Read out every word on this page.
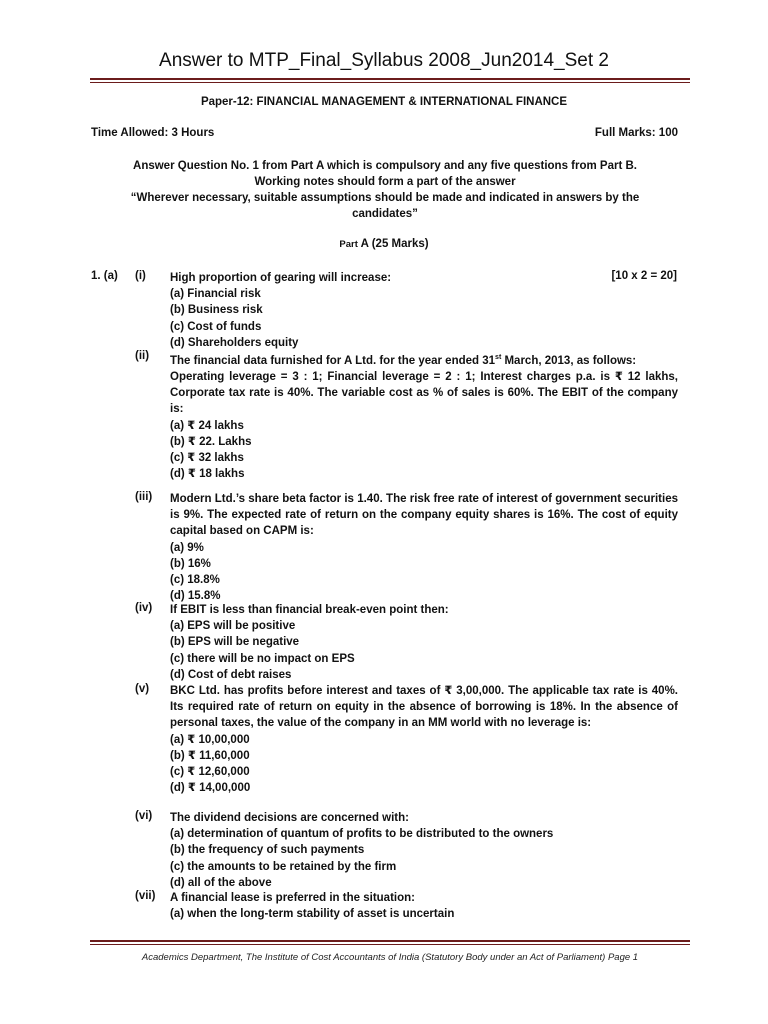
Answer to MTP_Final_Syllabus 2008_Jun2014_Set 2
Paper-12: FINANCIAL MANAGEMENT & INTERNATIONAL FINANCE
Time Allowed: 3 Hours	Full Marks: 100
Answer Question No. 1 from Part A which is compulsory and any five questions from Part B.
Working notes should form a part of the answer
“Wherever necessary, suitable assumptions should be made and indicated in answers by the candidates”
Part A (25 Marks)
1. (a)	[10 x 2 = 20]
(i) High proportion of gearing will increase:

(a) Financial risk
(b) Business risk
(c) Cost of funds
(d) Shareholders equity
(ii) The financial data furnished for A Ltd. for the year ended 31st March, 2013, as follows:

Operating leverage = 3 : 1; Financial leverage = 2 : 1; Interest charges p.a. is ₹ 12 lakhs, Corporate tax rate is 40%. The variable cost as % of sales is 60%. The EBIT of the company is:

(a) ₹ 24 lakhs
(b) ₹ 22. Lakhs
(c) ₹ 32 lakhs
(d) ₹ 18 lakhs
(iii) Modern Ltd.’s share beta factor is 1.40. The risk free rate of interest of government securities is 9%. The expected rate of return on the company equity shares is 16%. The cost of equity capital based on CAPM is:

(a) 9%
(b) 16%
(c) 18.8%
(d) 15.8%
(iv) If EBIT is less than financial break-even point then:

(a) EPS will be positive
(b) EPS will be negative
(c) there will be no impact on EPS
(d) Cost of debt raises
(v) BKC Ltd. has profits before interest and taxes of ₹ 3,00,000. The applicable tax rate is 40%. Its required rate of return on equity in the absence of borrowing is 18%. In the absence of personal taxes, the value of the company in an MM world with no leverage is:

(a) ₹ 10,00,000
(b) ₹ 11,60,000
(c) ₹ 12,60,000
(d) ₹ 14,00,000
(vi) The dividend decisions are concerned with:

(a) determination of quantum of profits to be distributed to the owners
(b) the frequency of such payments
(c) the amounts to be retained by the firm
(d) all of the above
(vii) A financial lease is preferred in the situation:

(a) when the long-term stability of asset is uncertain
Academics Department, The Institute of Cost Accountants of India (Statutory Body under an Act of Parliament) Page 1
